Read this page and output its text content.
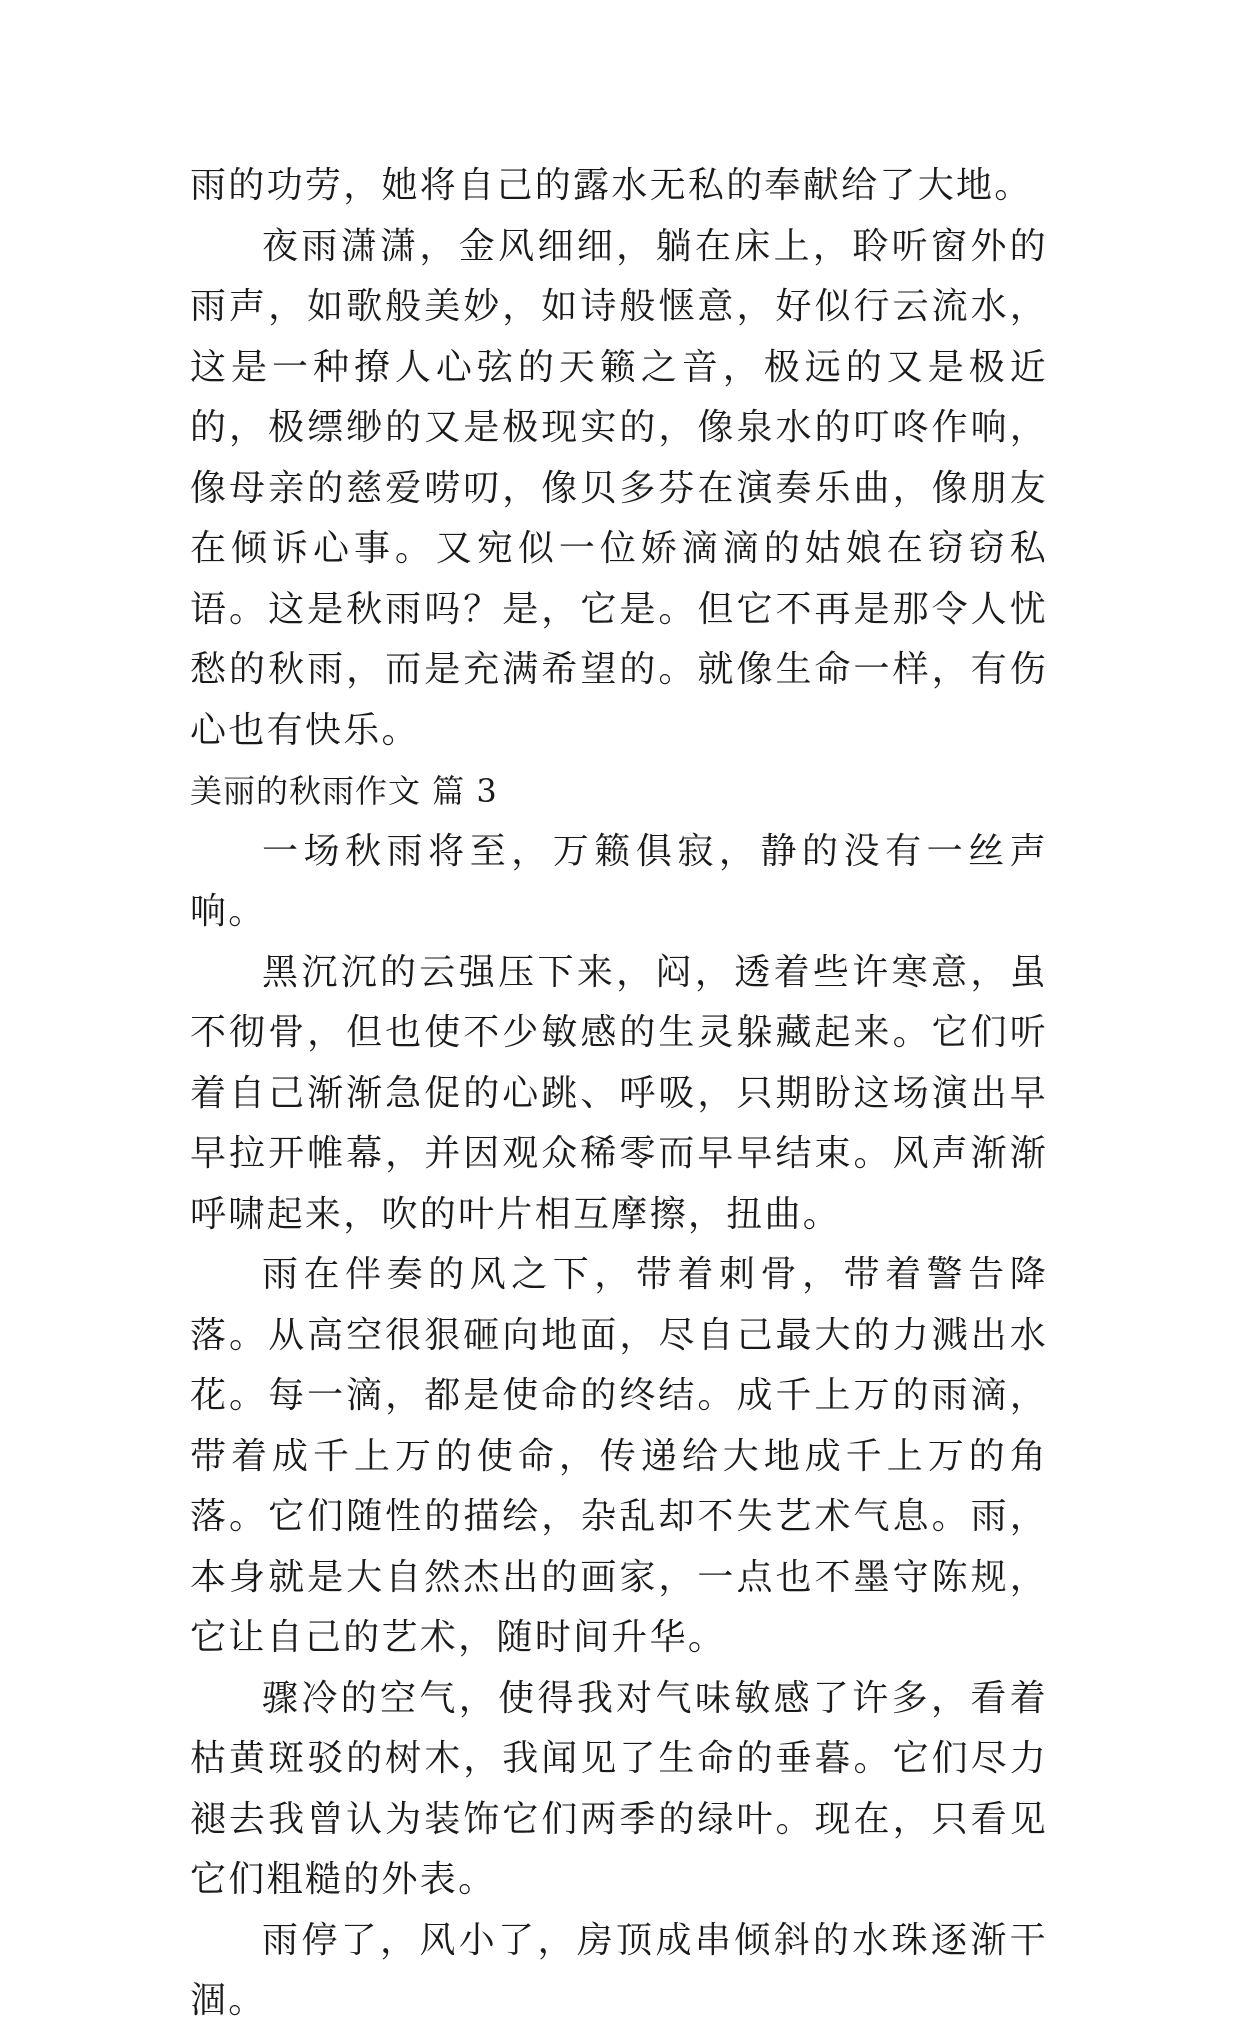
雨的功劳，她将自己的露水无私的奉献给了大地。

夜雨潇潇，金风细细，躺在床上，聆听窗外的雨声，如歌般美妙，如诗般惬意，好似行云流水，这是一种撩人心弦的天籁之音，极远的又是极近的，极缥缈的又是极现实的，像泉水的叮咚作响，像母亲的慈爱唠叨，像贝多芬在演奏乐曲，像朋友在倾诉心事。又宛似一位娇滴滴的姑娘在窃窃私语。这是秋雨吗？是，它是。但它不再是那令人忧愁的秋雨，而是充满希望的。就像生命一样，有伤心也有快乐。

美丽的秋雨作文 篇 3

一场秋雨将至，万籁俱寂，静的没有一丝声响。

黑沉沉的云强压下来，闷，透着些许寒意，虽不彻骨，但也使不少敏感的生灵躲藏起来。它们听着自己渐渐急促的心跳、呼吸，只期盼这场演出早早拉开帷幕，并因观众稀零而早早结束。风声渐渐呼啸起来，吹的叶片相互摩擦，扭曲。

雨在伴奏的风之下，带着刺骨，带着警告降落。从高空很狠砸向地面，尽自己最大的力溅出水花。每一滴，都是使命的终结。成千上万的雨滴，带着成千上万的使命，传递给大地成千上万的角落。它们随性的描绘，杂乱却不失艺术气息。雨，本身就是大自然杰出的画家，一点也不墨守陈规，它让自己的艺术，随时间升华。

骤冷的空气，使得我对气味敏感了许多，看着枯黄斑驳的树木，我闻见了生命的垂暮。它们尽力褪去我曾认为装饰它们两季的绿叶。现在，只看见它们粗糙的外表。

雨停了，风小了，房顶成串倾斜的水珠逐渐干涸。
